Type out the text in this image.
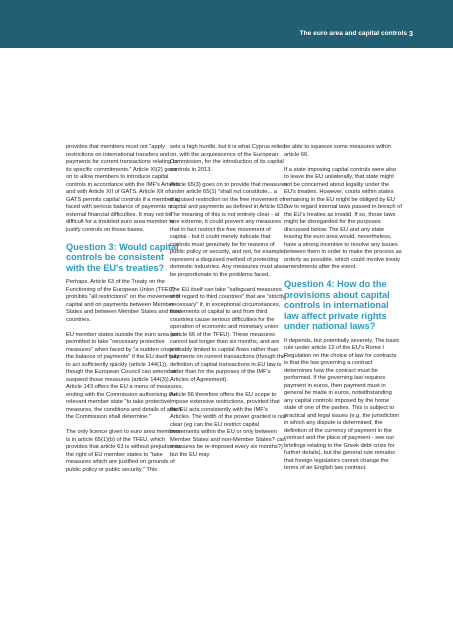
The euro area and capital controls 3

provides that members must not "apply restrictions on international transfers and payments for current transactions relating to its specific commitments." Article XI(2) goes on to allow members to introduce capital controls in accordance with the IMF's Articles and with Article XII of GATS. Article XII of GATS permits capital controls if a member is faced with serious balance of payments or external financial difficulties. It may not be difficult for a troubled euro area member to justify controls on those bases.

Question 3: Would capital controls be consistent with the EU's treaties?

Perhaps. Article 63 of the Treaty on the Functioning of the European Union (TFEU) prohibits "all restrictions" on the movement of capital and on payments between Member States and between Member States and third countries.

EU member states outside the euro area are permitted to take "necessary protective measures" when faced by "a sudden crisis in the balance of payments" if the EU itself fails to act sufficiently quickly (article 144(1)), though the European Council can amend or suspend those measures (article 144(3)). Article 143 offers the EU a menu of measures, ending with the Commission authorising the relevant member state "to take protective measures, the conditions and details of which the Commission shall determine."

The only licence given to euro area members is in article 65(1)(b) of the TFEU, which provides that article 63 is without prejudice to the right of EU member states to "take measures which are justified on grounds of public policy or public security." This

sets a high hurdle, but it is what Cyprus relied on, with the acquiescence of the European Commission, for the introduction of its capital controls in 2013.

Article 65(3) goes on to provide that measures under article 65(1) "shall not constitute... a disguised restriction on the free movement of capital and payments as defined in Article 63." The meaning of this is not entirely clear - at one extreme, it could prevent any measures that in fact restrict the free movement of capital - but it could merely indicate that controls must genuinely be for reasons of public policy or security, and not, for example, represent a disguised method of protecting domestic industries. Any measures must also be proportionate to the problems faced.

The EU itself can take "safeguard measures with regard to third countries" that are "strictly necessary" if, in exceptional circumstances, movements of capital to and from third countries cause serious difficulties for the operation of economic and monetary union (article 66 of the TFEU). These measures cannot last longer than six months, and are probably limited to capital flows rather than payments on current transactions (though the definition of capital transactions in EU law is wider than for the purposes of the IMF's Articles of Agreement).

Article 66 therefore offers the EU scope to impose extensive restrictions, provided that the EU acts consistently with the IMF's Articles. The width of the power granted is not clear (eg can the EU restrict capital movements within the EU or only between Member States and non-Member States? can measures be re-imposed every six months?) but the EU may

be able to squeeze some measures within article 66.

If a state imposing capital controls were also to leave the EU unilaterally, that state might not be concerned about legality under the EU's treaties. However, courts within states remaining in the EU might be obliged by EU law to regard internal laws passed in breach of the EU's treaties as invalid. If so, those laws might be disregarded for the purposes discussed below. The EU and any state leaving the euro area would, nevertheless, have a strong incentive to resolve any issues between them in order to make the process as orderly as possible, which could involve treaty amendments after the event.

Question 4: How do the provisions about capital controls in international law affect private rights under national laws?

It depends, but potentially severely. The basic rule under article 12 of the EU's Rome I Regulation on the choice of law for contracts is that the law governing a contract determines how the contract must be performed. If the governing law requires payment in euros, then payment must in general be made in euros, notwithstanding any capital controls imposed by the home state of one of the parties. This is subject to practical and legal issues (e.g. the jurisdiction in which any dispute is determined, the definition of the currency of payment in the contract and the place of payment - see our briefings relating to the Greek debt crisis for further details), but the general rule remains that foreign legislators cannot change the terms of an English law contract.
